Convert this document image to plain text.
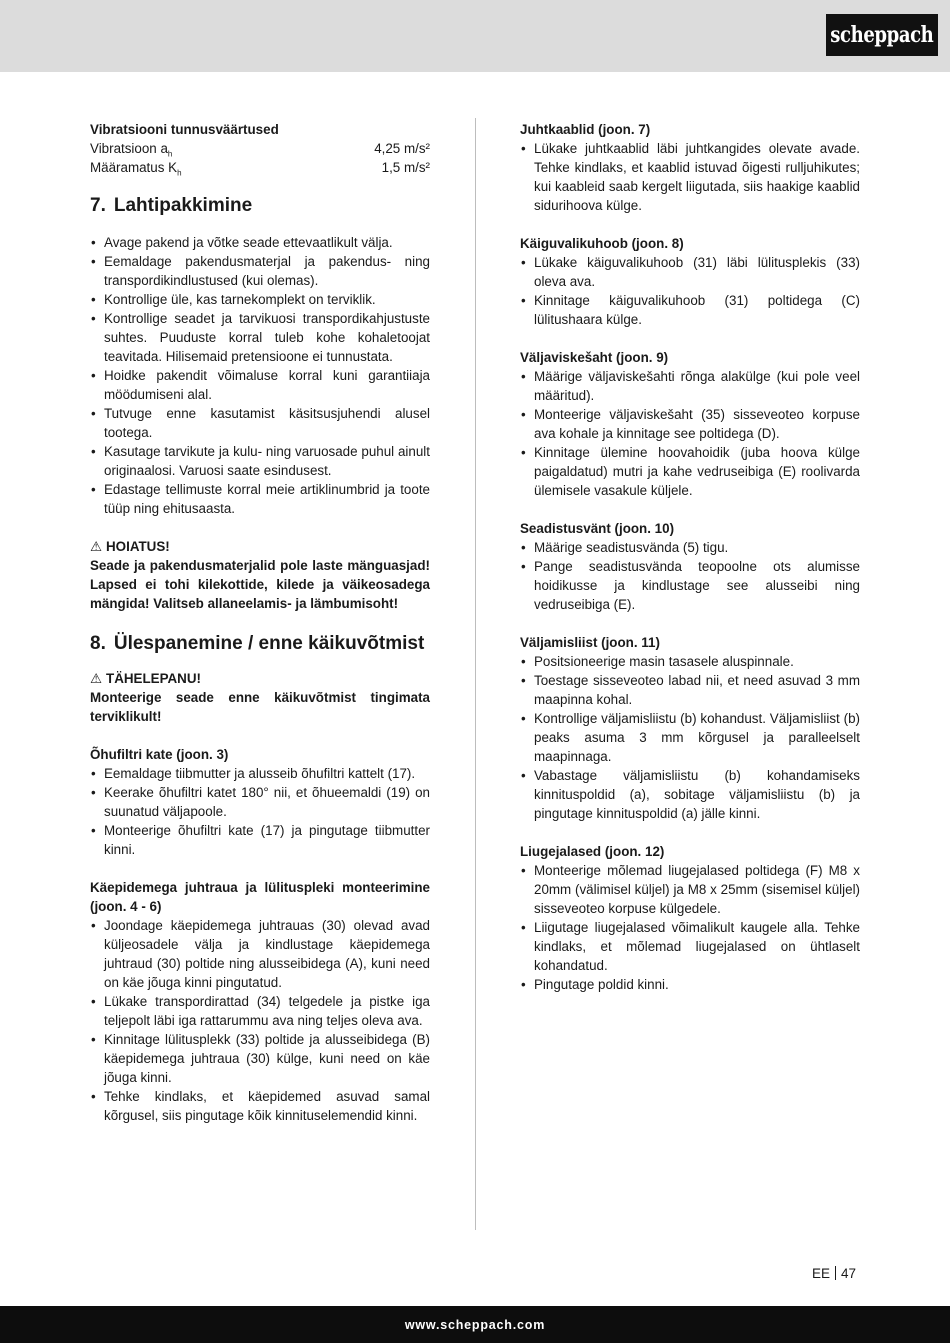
scheppach

Vibratsiooni tunnusväärtused

Vibratsioon $a_h$	4,25 m/s²
Määramatus $K_h$	1,5 m/s²
7. Lahtipakkimine
• Avage pakend ja võtke seade ettevaatlikult välja.
• Eemaldage pakendusmaterjal ja pakendus- ning transpordikindlustused (kui olemas).
• Kontrollige üle, kas tarnekomplekt on terviklik.
• Kontrollige seadet ja tarvikuosi transpordikahjustuste suhtes. Puuduste korral tuleb kohe kohaletoojat teavitada. Hilisemaid pretensioone ei tunnustata.
• Hoidke pakendit võimaluse korral kuni garantiiaja möödumiseni alal.
• Tutvuge enne kasutamist käsitsusjuhendi alusel tootega.
• Kasutage tarvikute ja kulu- ning varuosade puhul ainult originaalosi. Varuosi saate esindusest.
• Edastage tellimuste korral meie artiklinumbrid ja toote tüüp ning ehitusaasta.

⚠ HOIATUS!

Seade ja pakendusmaterjalid pole laste mänguasjad! Lapsed ei tohi kilekottide, kilede ja väikeosadega mängida! Valitseb allaneelamis- ja lämbumisoht!

8. Ülespanemine / enne käikuvõtmist

⚠ TÄHELEPANU!

Monteerige seade enne käikuvõtmist tingimata terviklikult!

Õhufiltri kate (joon. 3)

• Eemaldage tiibmutter ja alusseib õhufiltri kattelt (17).
• Keerake õhufiltri katet 180° nii, et õhueemaldi (19) on suunatud väljapoole.
• Monteerige õhufiltri kate (17) ja pingutage tiibmutter kinni.

Käepidemega juhtraua ja lülituspleki monteerimine (joon. 4 - 6)

• Joondage käepidemega juhtrauas (30) olevad avad küljeosadele välja ja kindlustage käepidemega juhtraud (30) poltide ning alusseibidega (A), kuni need on käe jõuga kinni pingutatud.
• Lükake transpordirattad (34) telgedele ja pistke iga teljepolt läbi iga rattarummu ava ning teljes oleva ava.
• Kinnitage lülitusplekk (33) poltide ja alusseibidega (B) käepidemega juhtraua (30) külge, kuni need on käe jõuga kinni.
• Tehke kindlaks, et käepidemed asuvad samal kõrgusel, siis pingutage kõik kinnituselemendid kinni.

Juhtkaablid (joon. 7)

• Lükake juhtkaablid läbi juhtkangides olevate avade. Tehke kindlaks, et kaablid istuvad õigesti rulljuhikutes; kui kaableid saab kergelt liigutada, siis haakige kaablid sidurihoova külge.

Käiguvalikuhoob (joon. 8)

• Lükake käiguvalikuhoob (31) läbi lülitusplekis (33) oleva ava.
• Kinnitage käiguvalikuhoob (31) poltidega (C) lülitushaara külge.

Väljaviskešaht (joon. 9)

• Määrige väljaviskešahti rõnga alakülge (kui pole veel määritud).
• Monteerige väljaviskešaht (35) sisseveoteo korpuse ava kohale ja kinnitage see poltidega (D).
• Kinnitage ülemine hoovahoidik (juba hoova külge paigaldatud) mutri ja kahe vedruseibiga (E) roolivarda ülemisele vasakule küljele.

Seadistusvänt (joon. 10)

• Määrige seadistusvända (5) tigu.
• Pange seadistusvända teopoolne ots alumisse hoidikusse ja kindlustage see alusseibi ning vedruseibiga (E).

Väljamisliist (joon. 11)

• Positsioneerige masin tasasele aluspinnale.
• Toestage sisseveoteo labad nii, et need asuvad 3 mm maapinna kohal.
• Kontrollige väljamisliistu (b) kohandust. Väljamisliist (b) peaks asuma 3 mm kõrgusel ja paralleelselt maapinnaga.
• Vabastage väljamisliistu (b) kohandamiseks kinnituspoldid (a), sobitage väljamisliistu (b) ja pingutage kinnituspoldid (a) jälle kinni.

Liugejalased (joon. 12)

• Monteerige mõlemad liugejalased poltidega (F) M8 x 20mm (välimisel küljel) ja M8 x 25mm (sisemisel küljel) sisseveoteo korpuse külgedele.
• Liigutage liugejalased võimalikult kaugele alla. Tehke kindlaks, et mõlemad liugejalased on ühtlaselt kohandatud.
• Pingutage poldid kinni.
EE 47
www.scheppach.com
